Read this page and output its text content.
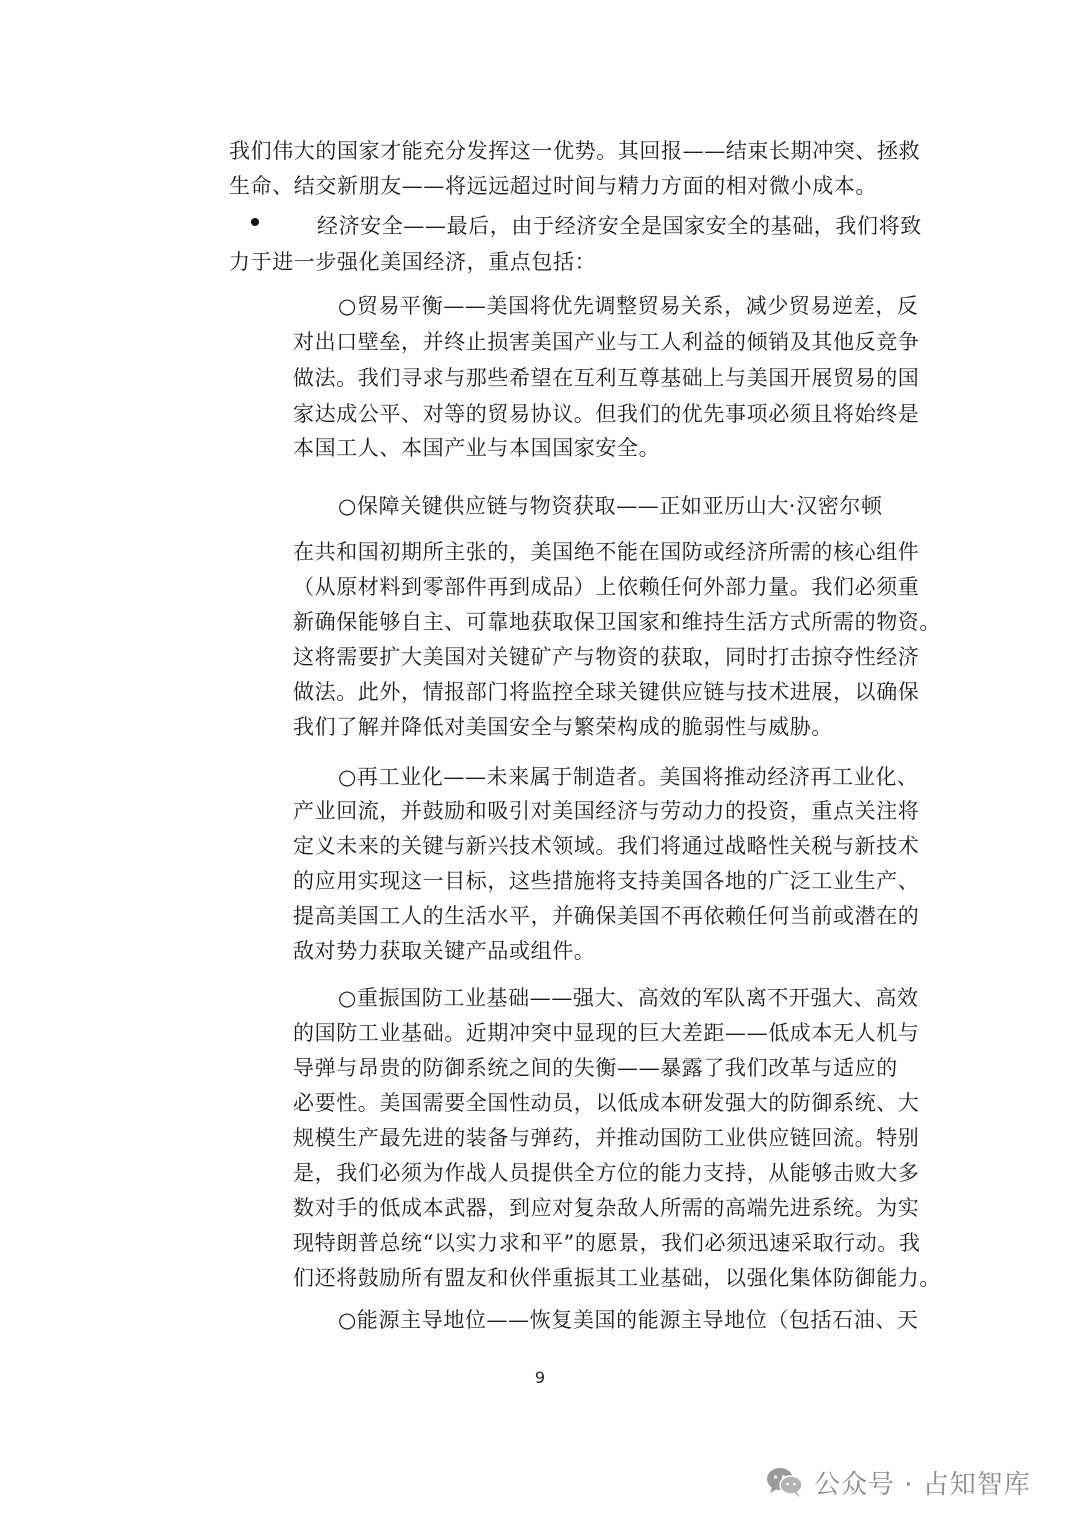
我们伟大的国家才能充分发挥这一优势。其回报——结束长期冲突、拯救
生命、结交新朋友——将远远超过时间与精力方面的相对微小成本。
经济安全——最后，由于经济安全是国家安全的基础，我们将致
力于进一步强化美国经济，重点包括：
○贸易平衡——美国将优先调整贸易关系，减少贸易逆差，反
对出口壁垒，并终止损害美国产业与工人利益的倾销及其他反竞争
做法。我们寻求与那些希望在互利互尊基础上与美国开展贸易的国
家达成公平、对等的贸易协议。但我们的优先事项必须且将始终是
本国工人、本国产业与本国国家安全。
○保障关键供应链与物资获取——正如亚历山大·汉密尔顿
在共和国初期所主张的，美国绝不能在国防或经济所需的核心组件
（从原材料到零部件再到成品）上依赖任何外部力量。我们必须重
新确保能够自主、可靠地获取保卫国家和维持生活方式所需的物资。
这将需要扩大美国对关键矿产与物资的获取，同时打击掠夺性经济
做法。此外，情报部门将监控全球关键供应链与技术进展，以确保
我们了解并降低对美国安全与繁荣构成的脆弱性与威胁。
○再工业化——未来属于制造者。美国将推动经济再工业化、
产业回流，并鼓励和吸引对美国经济与劳动力的投资，重点关注将
定义未来的关键与新兴技术领域。我们将通过战略性关税与新技术
的应用实现这一目标，这些措施将支持美国各地的广泛工业生产、
提高美国工人的生活水平，并确保美国不再依赖任何当前或潜在的
敌对势力获取关键产品或组件。
○重振国防工业基础——强大、高效的军队离不开强大、高效
的国防工业基础。近期冲突中显现的巨大差距——低成本无人机与
导弹与昂贵的防御系统之间的失衡——暴露了我们改革与适应的
必要性。美国需要全国性动员，以低成本研发强大的防御系统、大
规模生产最先进的装备与弹药，并推动国防工业供应链回流。特别
是，我们必须为作战人员提供全方位的能力支持，从能够击败大多
数对手的低成本武器，到应对复杂敌人所需的高端先进系统。为实
现特朗普总统“以实力求和平”的愿景，我们必须迅速采取行动。我
们还将鼓励所有盟友和伙伴重振其工业基础，以强化集体防御能力。
○能源主导地位——恢复美国的能源主导地位（包括石油、天
9
公众号 · 占知智库
